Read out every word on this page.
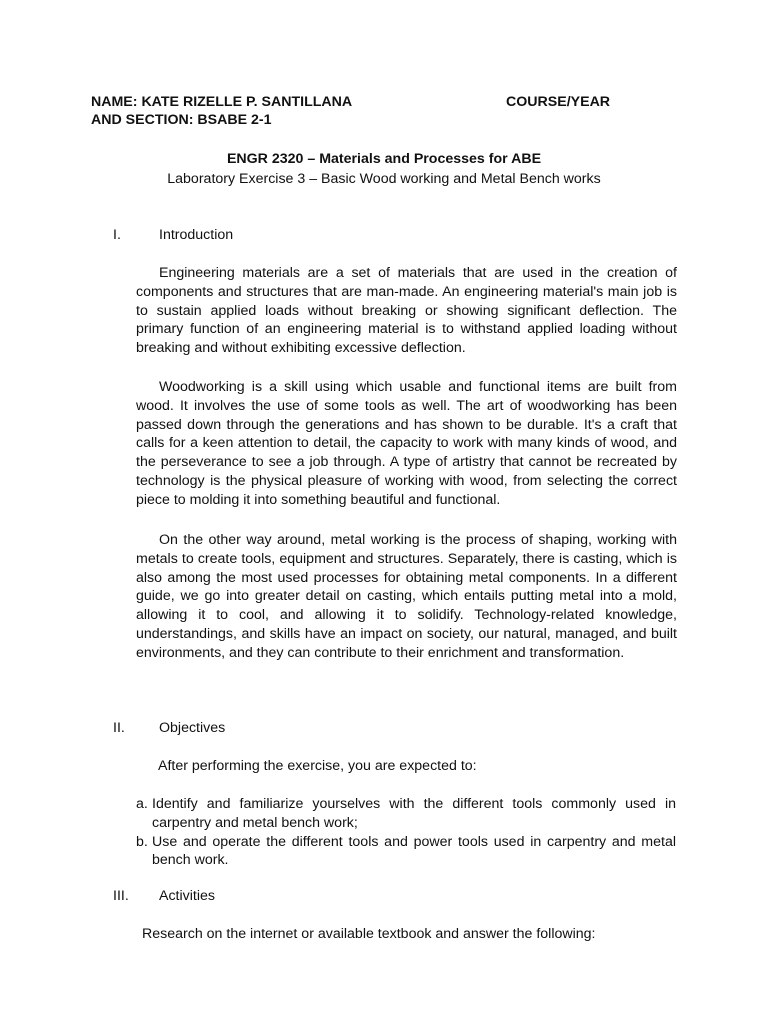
NAME: KATE RIZELLE P. SANTILLANA	COURSE/YEAR
AND SECTION: BSABE 2-1
ENGR 2320 – Materials and Processes for ABE
Laboratory Exercise 3 – Basic Wood working and Metal Bench works
I.	Introduction

Engineering materials are a set of materials that are used in the creation of components and structures that are man-made. An engineering material's main job is to sustain applied loads without breaking or showing significant deflection. The primary function of an engineering material is to withstand applied loading without breaking and without exhibiting excessive deflection.

Woodworking is a skill using which usable and functional items are built from wood. It involves the use of some tools as well. The art of woodworking has been passed down through the generations and has shown to be durable. It's a craft that calls for a keen attention to detail, the capacity to work with many kinds of wood, and the perseverance to see a job through. A type of artistry that cannot be recreated by technology is the physical pleasure of working with wood, from selecting the correct piece to molding it into something beautiful and functional.

On the other way around, metal working is the process of shaping, working with metals to create tools, equipment and structures. Separately, there is casting, which is also among the most used processes for obtaining metal components. In a different guide, we go into greater detail on casting, which entails putting metal into a mold, allowing it to cool, and allowing it to solidify. Technology-related knowledge, understandings, and skills have an impact on society, our natural, managed, and built environments, and they can contribute to their enrichment and transformation.

II. Objectives
After performing the exercise, you are expected to:
a. Identify and familiarize yourselves with the different tools commonly used in carpentry and metal bench work;
b. Use and operate the different tools and power tools used in carpentry and metal bench work.
III. Activities
Research on the internet or available textbook and answer the following:
